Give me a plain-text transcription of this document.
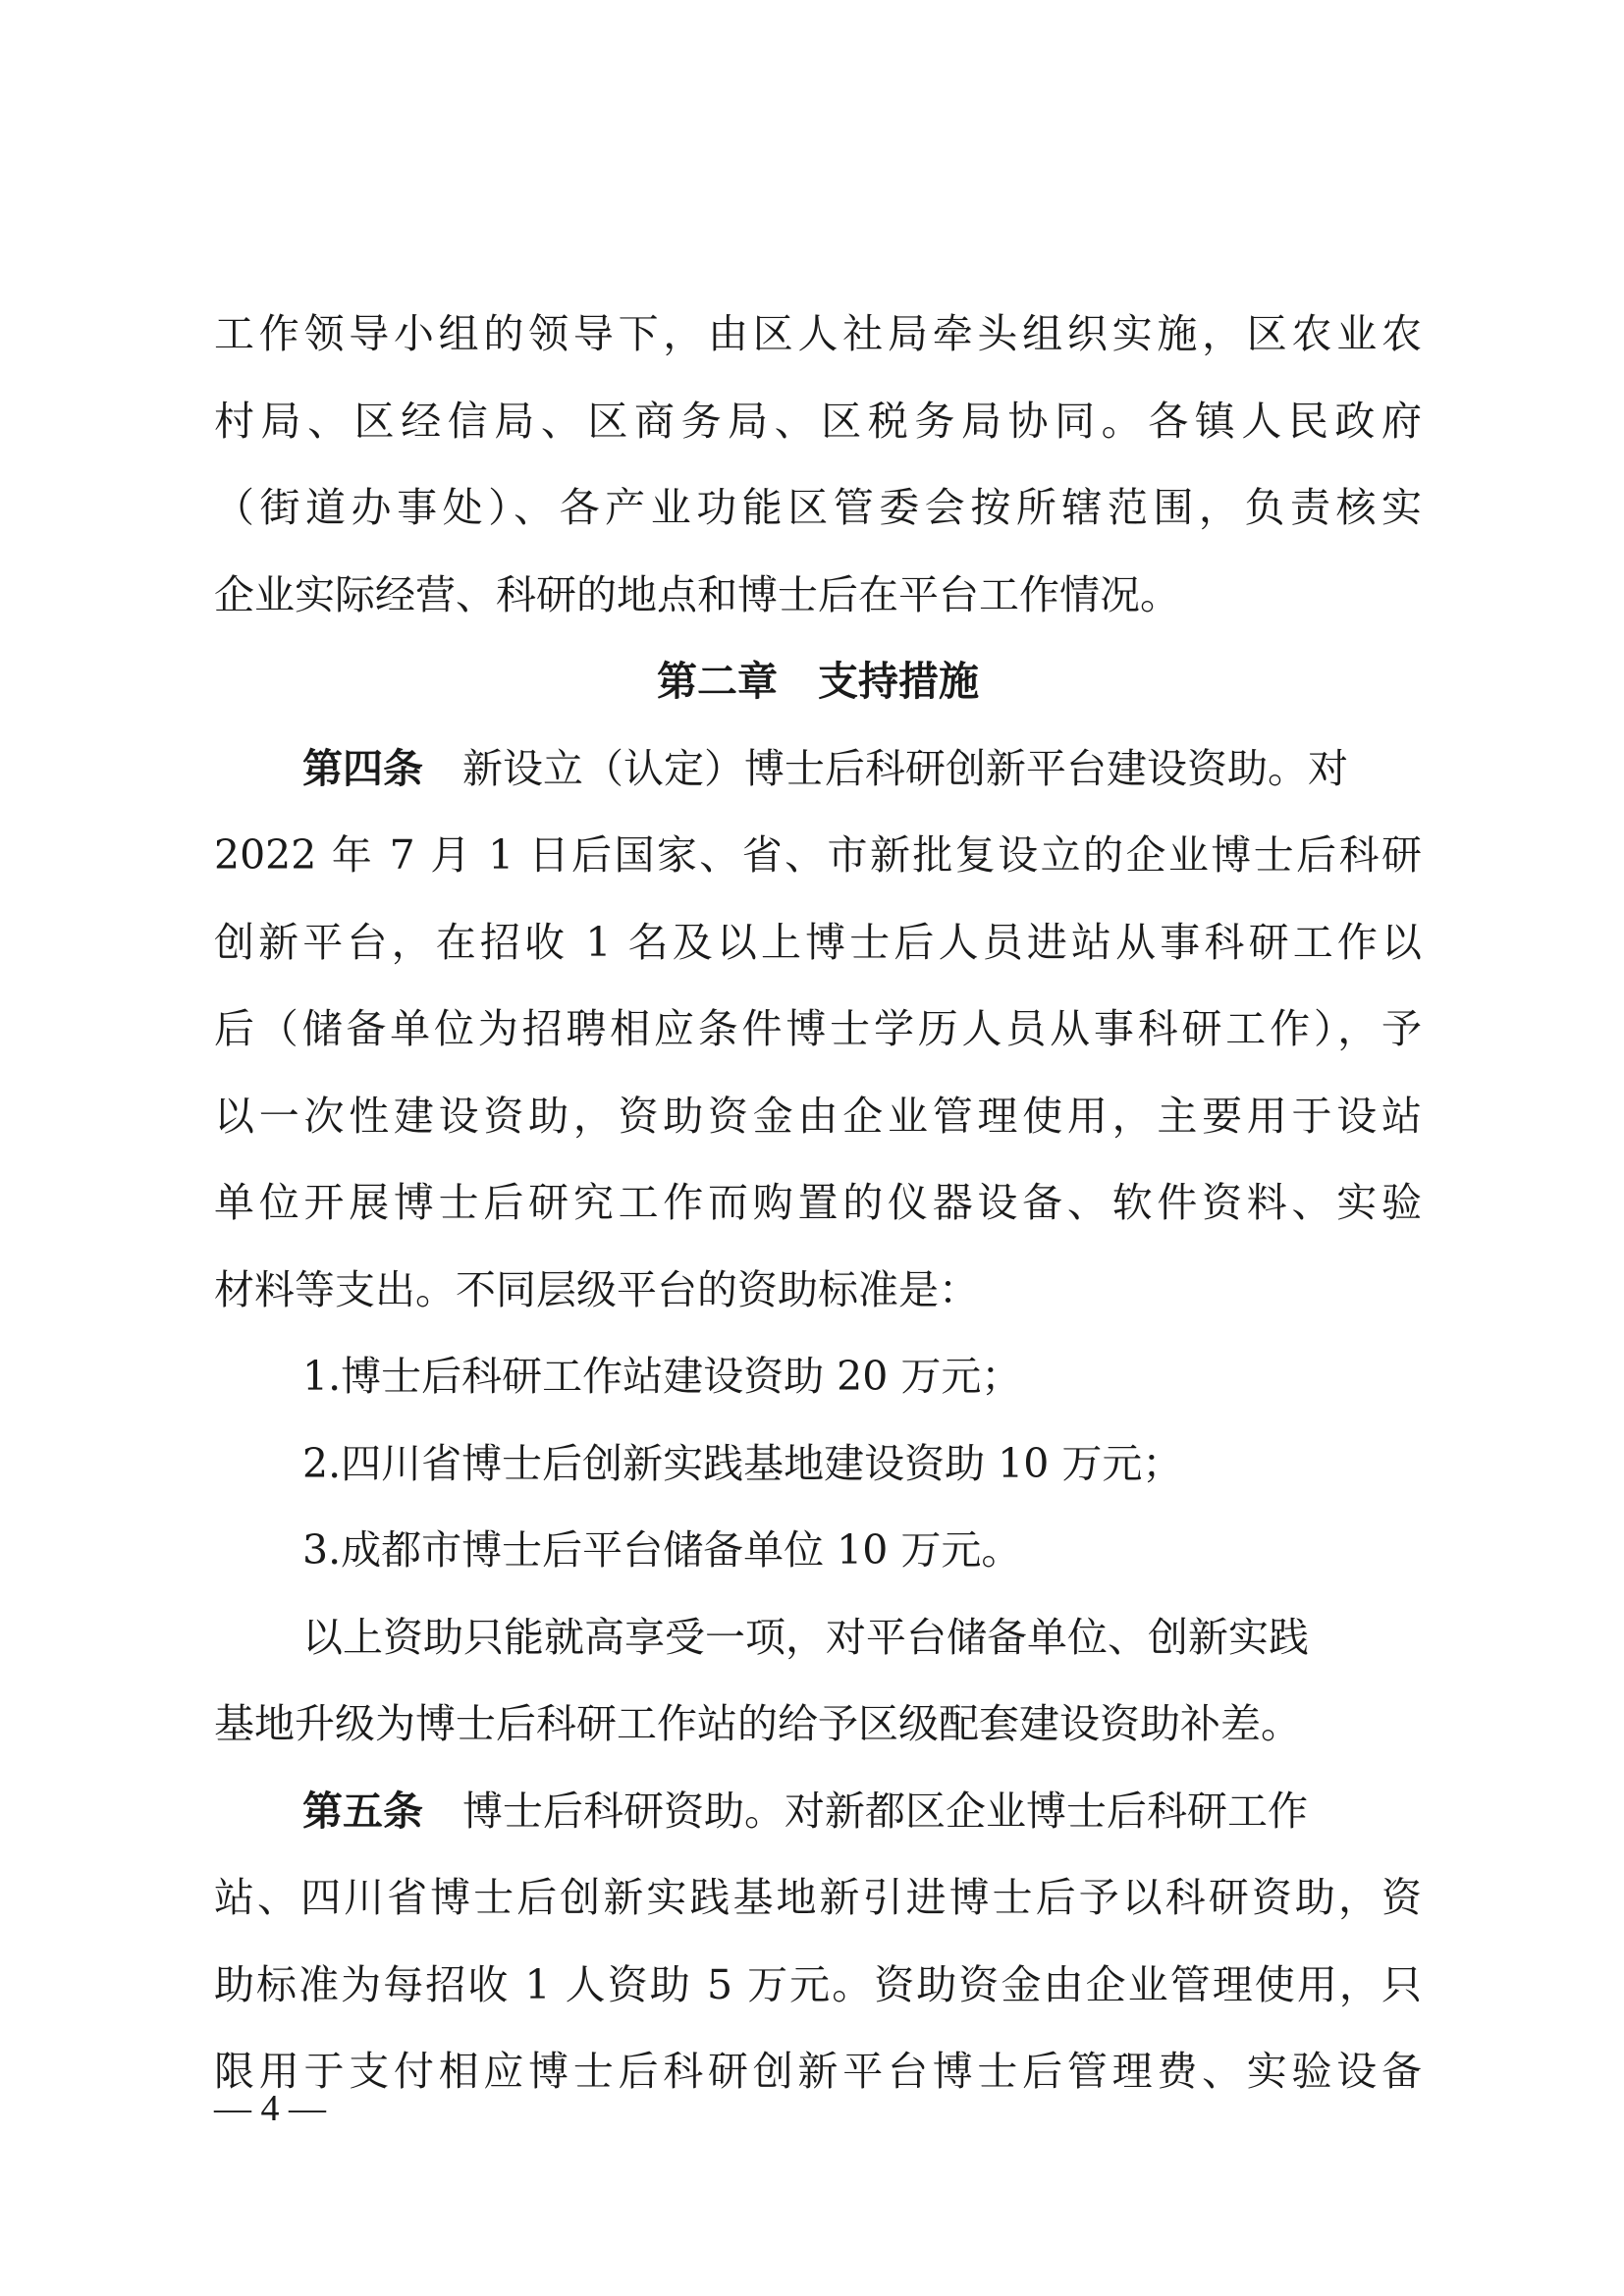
工作领导小组的领导下，由区人社局牵头组织实施，区农业农
村局、区经信局、区商务局、区税务局协同。各镇人民政府
（街道办事处）、各产业功能区管委会按所辖范围，负责核实
企业实际经营、科研的地点和博士后在平台工作情况。
第二章　支持措施
第四条 新设立（认定）博士后科研创新平台建设资助。对
2022 年 7 月 1 日后国家、省、市新批复设立的企业博士后科研
创新平台，在招收 1 名及以上博士后人员进站从事科研工作以
后（储备单位为招聘相应条件博士学历人员从事科研工作），予
以一次性建设资助，资助资金由企业管理使用，主要用于设站
单位开展博士后研究工作而购置的仪器设备、软件资料、实验
材料等支出。不同层级平台的资助标准是：
1.博士后科研工作站建设资助 20 万元；
2.四川省博士后创新实践基地建设资助 10 万元；
3.成都市博士后平台储备单位 10 万元。
以上资助只能就高享受一项，对平台储备单位、创新实践
基地升级为博士后科研工作站的给予区级配套建设资助补差。
第五条 博士后科研资助。对新都区企业博士后科研工作
站、四川省博士后创新实践基地新引进博士后予以科研资助，资
助标准为每招收 1 人资助 5 万元。资助资金由企业管理使用，只
限用于支付相应博士后科研创新平台博士后管理费、实验设备
— 4 —
